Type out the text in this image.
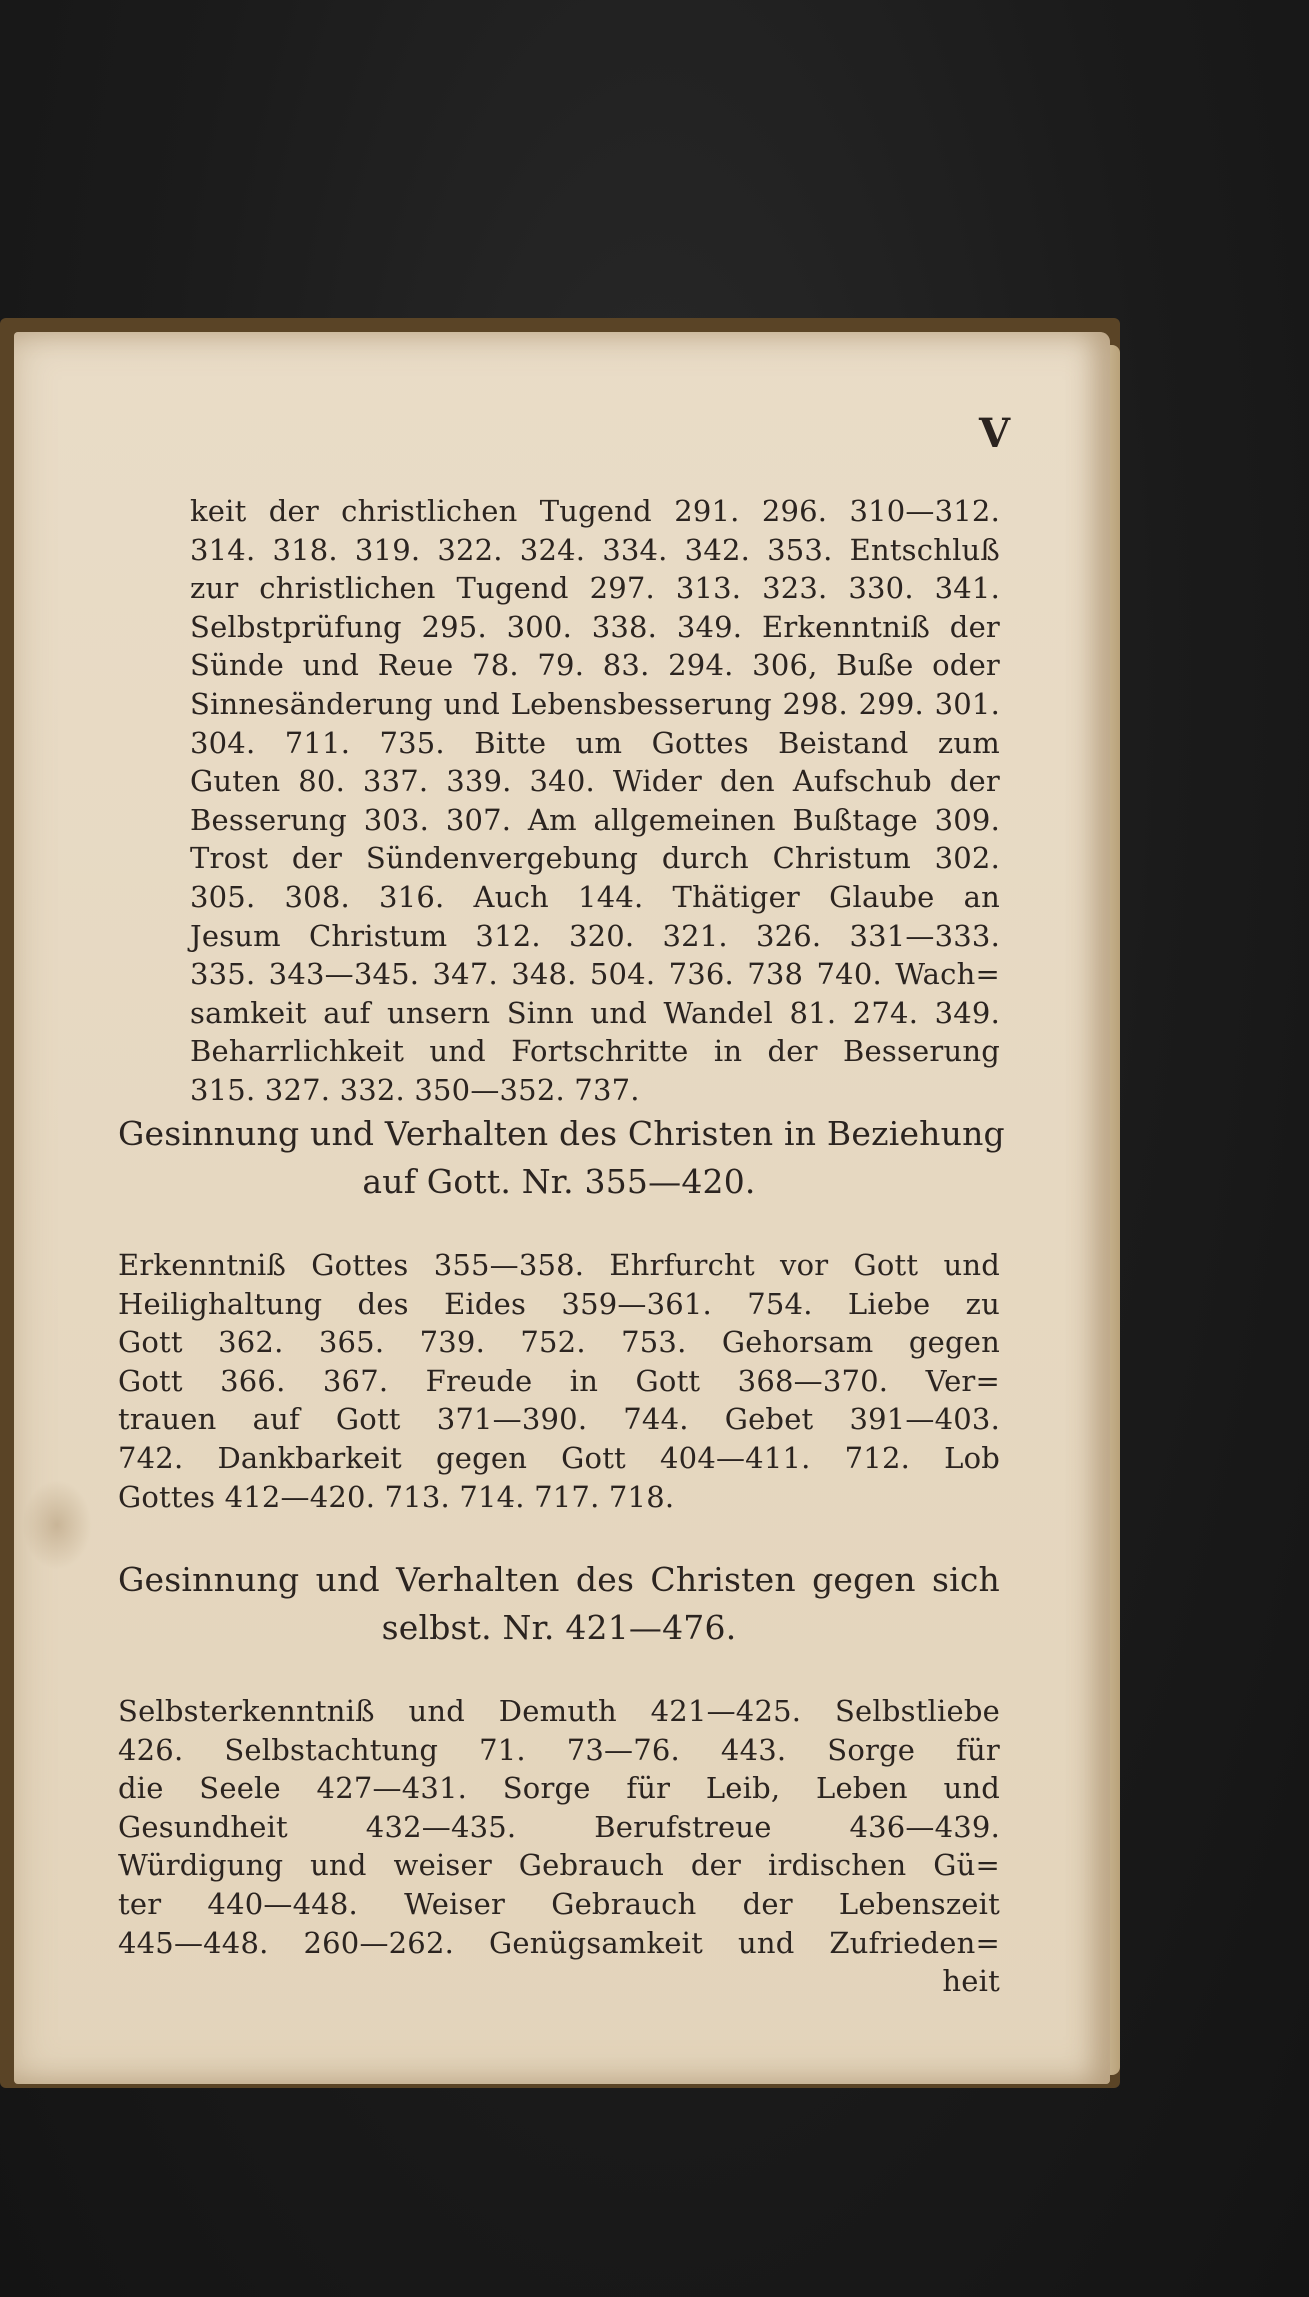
V
keit der christlichen Tugend 291. 296. 310—312.
314. 318. 319. 322. 324. 334. 342. 353. Entschluß
zur christlichen Tugend 297. 313. 323. 330. 341.
Selbstprüfung 295. 300. 338. 349. Erkenntniß der
Sünde und Reue 78. 79. 83. 294. 306, Buße oder
Sinnesänderung und Lebensbesserung 298. 299. 301.
304. 711. 735. Bitte um Gottes Beistand zum
Guten 80. 337. 339. 340. Wider den Aufschub der
Besserung 303. 307. Am allgemeinen Bußtage 309.
Trost der Sündenvergebung durch Christum 302.
305. 308. 316. Auch 144. Thätiger Glaube an
Jesum Christum 312. 320. 321. 326. 331—333.
335. 343—345. 347. 348. 504. 736. 738 740. Wach=
samkeit auf unsern Sinn und Wandel 81. 274. 349.
Beharrlichkeit und Fortschritte in der Besserung
315. 327. 332. 350—352. 737.
Gesinnung und Verhalten des Christen in Beziehung
auf Gott. Nr. 355—420.
Erkenntniß Gottes 355—358. Ehrfurcht vor Gott und
Heilighaltung des Eides 359—361. 754. Liebe zu
Gott 362. 365. 739. 752. 753. Gehorsam gegen
Gott 366. 367. Freude in Gott 368—370. Ver=
trauen auf Gott 371—390. 744. Gebet 391—403.
742. Dankbarkeit gegen Gott 404—411. 712. Lob
Gottes 412—420. 713. 714. 717. 718.
Gesinnung und Verhalten des Christen gegen sich
selbst. Nr. 421—476.
Selbsterkenntniß und Demuth 421—425. Selbstliebe
426. Selbstachtung 71. 73—76. 443. Sorge für
die Seele 427—431. Sorge für Leib, Leben und
Gesundheit 432—435. Berufstreue 436—439.
Würdigung und weiser Gebrauch der irdischen Gü=
ter 440—448. Weiser Gebrauch der Lebenszeit
445—448. 260—262. Genügsamkeit und Zufrieden=
heit
